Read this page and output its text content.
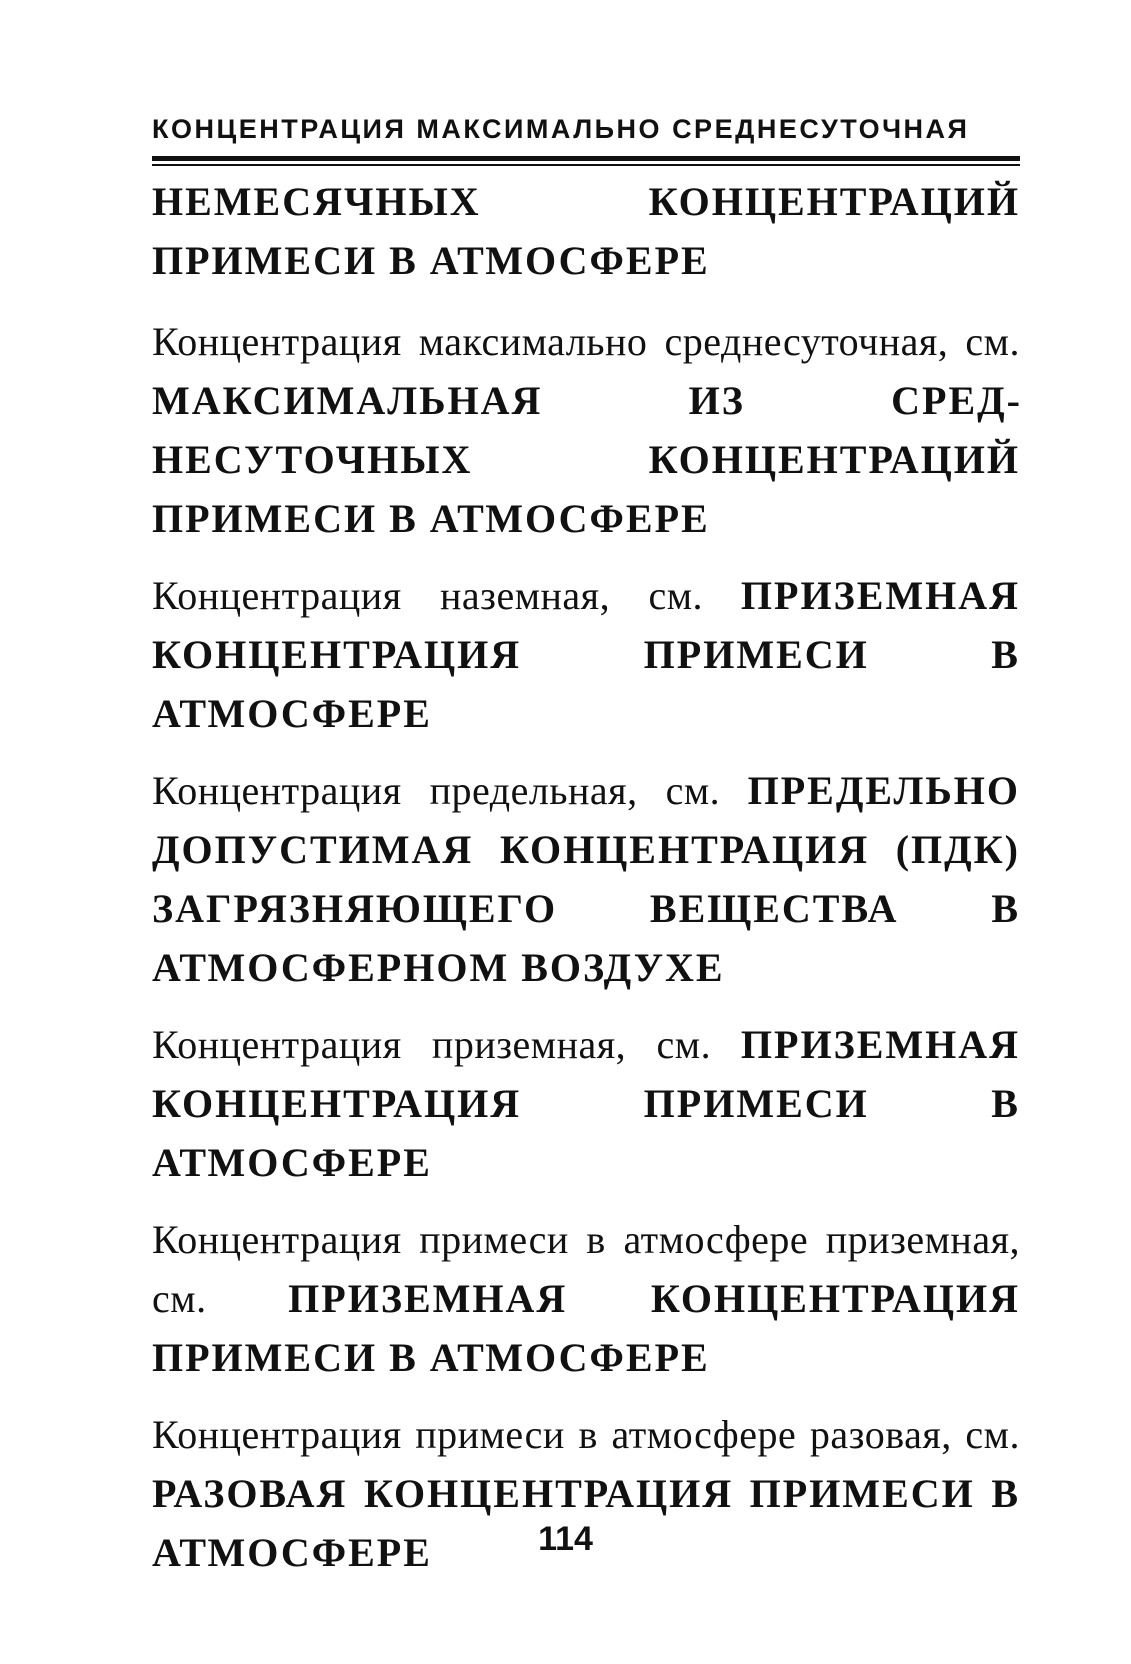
КОНЦЕНТРАЦИЯ МАКСИМАЛЬНО СРЕДНЕСУТОЧНАЯ

НЕМЕСЯЧНЫХ КОНЦЕНТРАЦИЙ ПРИМЕСИ В АТМОСФЕРЕ

Концентрация максимально среднесуточная, см. МАКСИМАЛЬНАЯ ИЗ СРЕДНЕСУТОЧНЫХ КОНЦЕНТРАЦИЙ ПРИМЕСИ В АТМОСФЕРЕ

Концентрация наземная, см. ПРИЗЕМНАЯ КОНЦЕНТРАЦИЯ ПРИМЕСИ В АТМОСФЕРЕ

Концентрация предельная, см. ПРЕДЕЛЬНО ДОПУСТИМАЯ КОНЦЕНТРАЦИЯ (ПДК) ЗАГРЯЗНЯЮЩЕГО ВЕЩЕСТВА В АТМОСФЕРНОМ ВОЗДУХЕ

Концентрация приземная, см. ПРИЗЕМНАЯ КОНЦЕНТРАЦИЯ ПРИМЕСИ В АТМОСФЕРЕ

Концентрация примеси в атмосфере приземная, см. ПРИЗЕМНАЯ КОНЦЕНТРАЦИЯ ПРИМЕСИ В АТМОСФЕРЕ

Концентрация примеси в атмосфере разовая, см. РАЗОВАЯ КОНЦЕНТРАЦИЯ ПРИМЕСИ В АТМОСФЕРЕ	114
